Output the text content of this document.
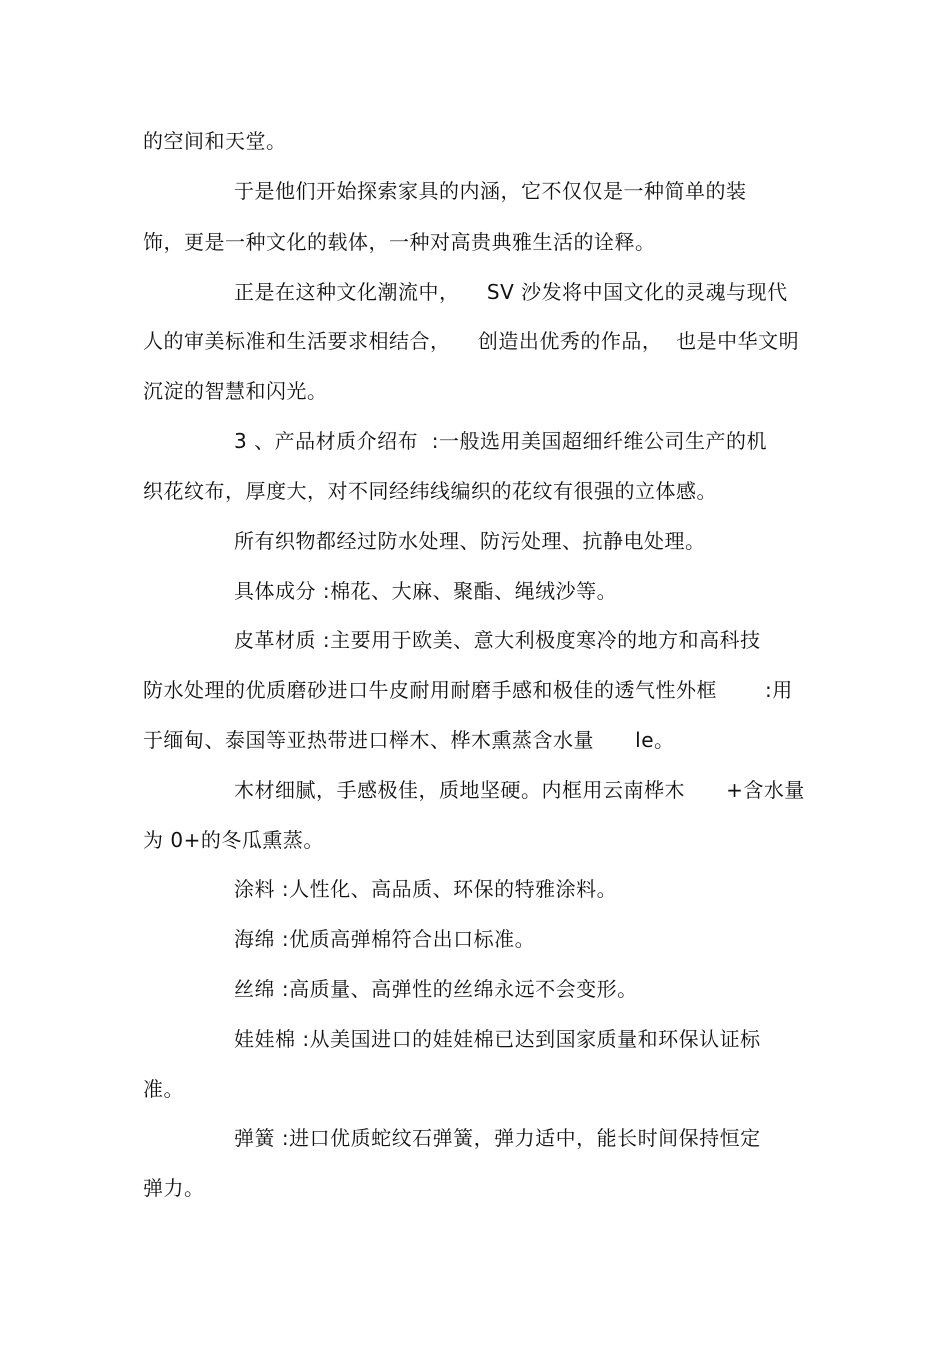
的空间和天堂。
于是他们开始探索家具的内涵，它不仅仅是一种简单的装
饰，更是一种文化的载体，一种对高贵典雅生活的诠释。
正是在这种文化潮流中，    SV 沙发将中国文化的灵魂与现代
人的审美标准和生活要求相结合，    创造出优秀的作品，  也是中华文明
沉淀的智慧和闪光。
3 、产品材质介绍布  :一般选用美国超细纤维公司生产的机
织花纹布，厚度大，对不同经纬线编织的花纹有很强的立体感。
所有织物都经过防水处理、防污处理、抗静电处理。
具体成分 :棉花、大麻、聚酯、绳绒沙等。
皮革材质 :主要用于欧美、意大利极度寒冷的地方和高科技
防水处理的优质磨砂进口牛皮耐用耐磨手感和极佳的透气性外框       :用
于缅甸、泰国等亚热带进口榉木、桦木熏蒸含水量      le。
木材细腻，手感极佳，质地坚硬。内框用云南桦木      +含水量
为 0+的冬瓜熏蒸。
涂料 :人性化、高品质、环保的特雅涂料。
海绵 :优质高弹棉符合出口标准。
丝绵 :高质量、高弹性的丝绵永远不会变形。
娃娃棉 :从美国进口的娃娃棉已达到国家质量和环保认证标
准。
弹簧 :进口优质蛇纹石弹簧，弹力适中，能长时间保持恒定
弹力。
